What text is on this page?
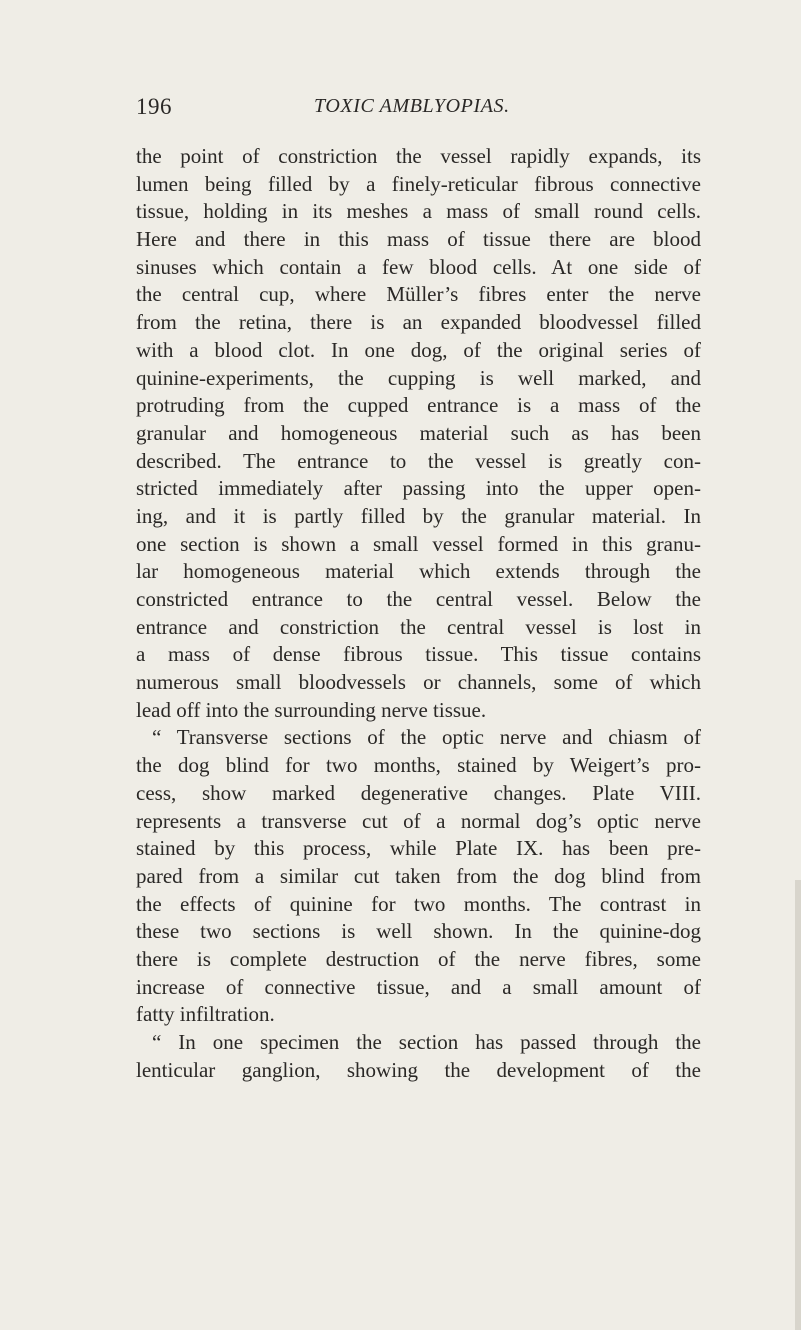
196	TOXIC AMBLYOPIAS.
the point of constriction the vessel rapidly expands, its
lumen being filled by a finely-reticular fibrous connective
tissue, holding in its meshes a mass of small round cells.
Here and there in this mass of tissue there are blood
sinuses which contain a few blood cells. At one side of
the central cup, where Müller’s fibres enter the nerve
from the retina, there is an expanded bloodvessel filled
with a blood clot. In one dog, of the original series of
quinine-experiments, the cupping is well marked, and
protruding from the cupped entrance is a mass of the
granular and homogeneous material such as has been
described. The entrance to the vessel is greatly con-
stricted immediately after passing into the upper open-
ing, and it is partly filled by the granular material. In
one section is shown a small vessel formed in this granu-
lar homogeneous material which extends through the
constricted entrance to the central vessel. Below the
entrance and constriction the central vessel is lost in
a mass of dense fibrous tissue. This tissue contains
numerous small bloodvessels or channels, some of which
lead off into the surrounding nerve tissue.
“ Transverse sections of the optic nerve and chiasm of
the dog blind for two months, stained by Weigert’s pro-
cess, show marked degenerative changes. Plate VIII.
represents a transverse cut of a normal dog’s optic nerve
stained by this process, while Plate IX. has been pre-
pared from a similar cut taken from the dog blind from
the effects of quinine for two months. The contrast in
these two sections is well shown. In the quinine-dog
there is complete destruction of the nerve fibres, some
increase of connective tissue, and a small amount of
fatty infiltration.
“ In one specimen the section has passed through the
lenticular ganglion, showing the development of the
